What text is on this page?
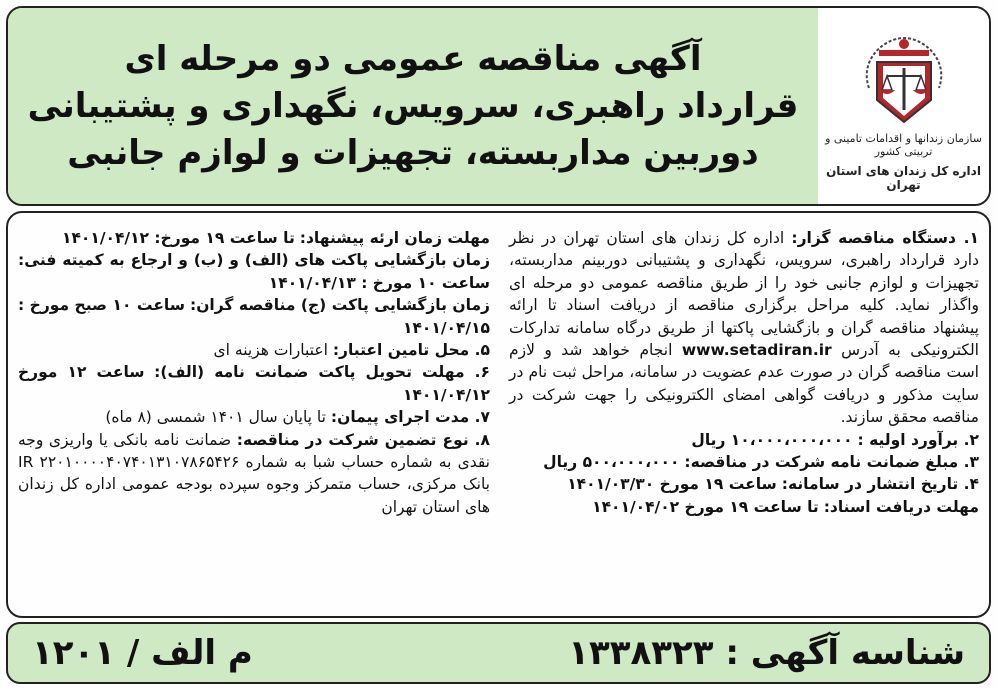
آگهی مناقصه عمومی دو مرحله ای
قرارداد راهبری، سرویس، نگهداری و پشتیبانی
دوربین مداربسته، تجهیزات و لوازم جانبی	سازمان زندانها و اقدامات تامینی و تربیتی کشور
اداره کل زندان های استان تهران

۱. دستگاه مناقصه گزار: اداره کل زندان های استان تهران در نظر دارد قرارداد راهبری، سرویس، نگهداری و پشتیبانی دوربینم مداربسته، تجهیزات و لوازم جانبی خود را از طریق مناقصه عمومی دو مرحله ای واگذار نماید. کلیه مراحل برگزاری مناقصه از دریافت اسناد تا ارائه پیشنهاد مناقصه گران و بازگشایی پاکتها از طریق درگاه سامانه تدارکات الکترونیکی به آدرس www.setadiran.ir انجام خواهد شد و لازم است مناقصه گران در صورت عدم عضویت در سامانه، مراحل ثبت نام در سایت مذکور و دریافت گواهی امضای الکترونیکی را جهت شرکت در مناقصه محقق سازند.

۲. برآورد اولیه : ۱۰،۰۰۰،۰۰۰،۰۰۰ ریال

۳. مبلغ ضمانت نامه شرکت در مناقصه: ۵۰۰،۰۰۰،۰۰۰ ریال

۴. تاریخ انتشار در سامانه: ساعت ۱۹ مورخ ۱۴۰۱/۰۳/۳۰

مهلت دریافت اسناد: تا ساعت ۱۹ مورخ ۱۴۰۱/۰۴/۰۲

مهلت زمان ارئه پیشنهاد: تا ساعت ۱۹ مورخ: ۱۴۰۱/۰۴/۱۲

زمان بازگشایی پاکت های (الف) و (ب) و ارجاع به کمیته فنی: ساعت ۱۰ مورخ : ۱۴۰۱/۰۴/۱۳

زمان بازگشایی پاکت (ج) مناقصه گران: ساعت ۱۰ صبح مورخ : ۱۴۰۱/۰۴/۱۵

۵. محل تامین اعتبار: اعتبارات هزینه ای

۶. مهلت تحویل پاکت ضمانت نامه (الف): ساعت ۱۲ مورخ ۱۴۰۱/۰۴/۱۲

۷. مدت اجرای پیمان: تا پایان سال ۱۴۰۱ شمسی (۸ ماه)

۸. نوع تضمین شرکت در مناقصه: ضمانت نامه بانکی یا واریزی وجه نقدی به شماره حساب شبا به شماره IR ۲۲۰۱۰۰۰۰۴۰۷۴۰۱۳۱۰۷۸۶۵۴۲۶ بانک مرکزی، حساب متمرکز وجوه سپرده بودجه عمومی اداره کل زندان های استان تهران

شناسه آگهی : ۱۳۳۸۳۲۳
م الف / ۱۲۰۱
